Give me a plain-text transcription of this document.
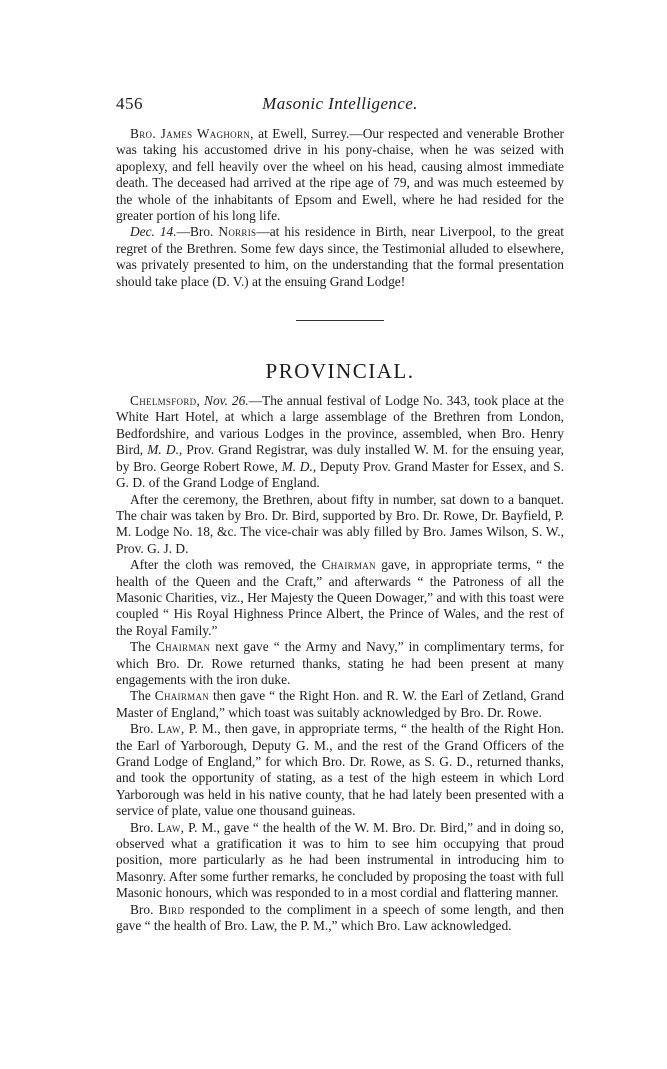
456	Masonic Intelligence.

Bro. James Waghorn, at Ewell, Surrey.—Our respected and venerable Brother was taking his accustomed drive in his pony-chaise, when he was seized with apoplexy, and fell heavily over the wheel on his head, causing almost immediate death. The deceased had arrived at the ripe age of 79, and was much esteemed by the whole of the inhabitants of Epsom and Ewell, where he had resided for the greater portion of his long life.

Dec. 14.—Bro. Norris—at his residence in Birth, near Liverpool, to the great regret of the Brethren. Some few days since, the Testimonial alluded to elsewhere, was privately presented to him, on the understanding that the formal presentation should take place (D. V.) at the ensuing Grand Lodge!

PROVINCIAL.

Chelmsford, Nov. 26.—The annual festival of Lodge No. 343, took place at the White Hart Hotel, at which a large assemblage of the Brethren from London, Bedfordshire, and various Lodges in the province, assembled, when Bro. Henry Bird, M. D., Prov. Grand Registrar, was duly installed W. M. for the ensuing year, by Bro. George Robert Rowe, M. D., Deputy Prov. Grand Master for Essex, and S. G. D. of the Grand Lodge of England.

After the ceremony, the Brethren, about fifty in number, sat down to a banquet. The chair was taken by Bro. Dr. Bird, supported by Bro. Dr. Rowe, Dr. Bayfield, P. M. Lodge No. 18, &c. The vice-chair was ably filled by Bro. James Wilson, S. W., Prov. G. J. D.

After the cloth was removed, the Chairman gave, in appropriate terms, “ the health of the Queen and the Craft,” and afterwards “ the Patroness of all the Masonic Charities, viz., Her Majesty the Queen Dowager,” and with this toast were coupled “ His Royal Highness Prince Albert, the Prince of Wales, and the rest of the Royal Family.”

The Chairman next gave “ the Army and Navy,” in complimentary terms, for which Bro. Dr. Rowe returned thanks, stating he had been present at many engagements with the iron duke.

The Chairman then gave “ the Right Hon. and R. W. the Earl of Zetland, Grand Master of England,” which toast was suitably acknowledged by Bro. Dr. Rowe.

Bro. Law, P. M., then gave, in appropriate terms, “ the health of the Right Hon. the Earl of Yarborough, Deputy G. M., and the rest of the Grand Officers of the Grand Lodge of England,” for which Bro. Dr. Rowe, as S. G. D., returned thanks, and took the opportunity of stating, as a test of the high esteem in which Lord Yarborough was held in his native county, that he had lately been presented with a service of plate, value one thousand guineas.

Bro. Law, P. M., gave “ the health of the W. M. Bro. Dr. Bird,” and in doing so, observed what a gratification it was to him to see him occupying that proud position, more particularly as he had been instrumental in introducing him to Masonry. After some further remarks, he concluded by proposing the toast with full Masonic honours, which was responded to in a most cordial and flattering manner.

Bro. Bird responded to the compliment in a speech of some length, and then gave “ the health of Bro. Law, the P. M.,” which Bro. Law acknowledged.
